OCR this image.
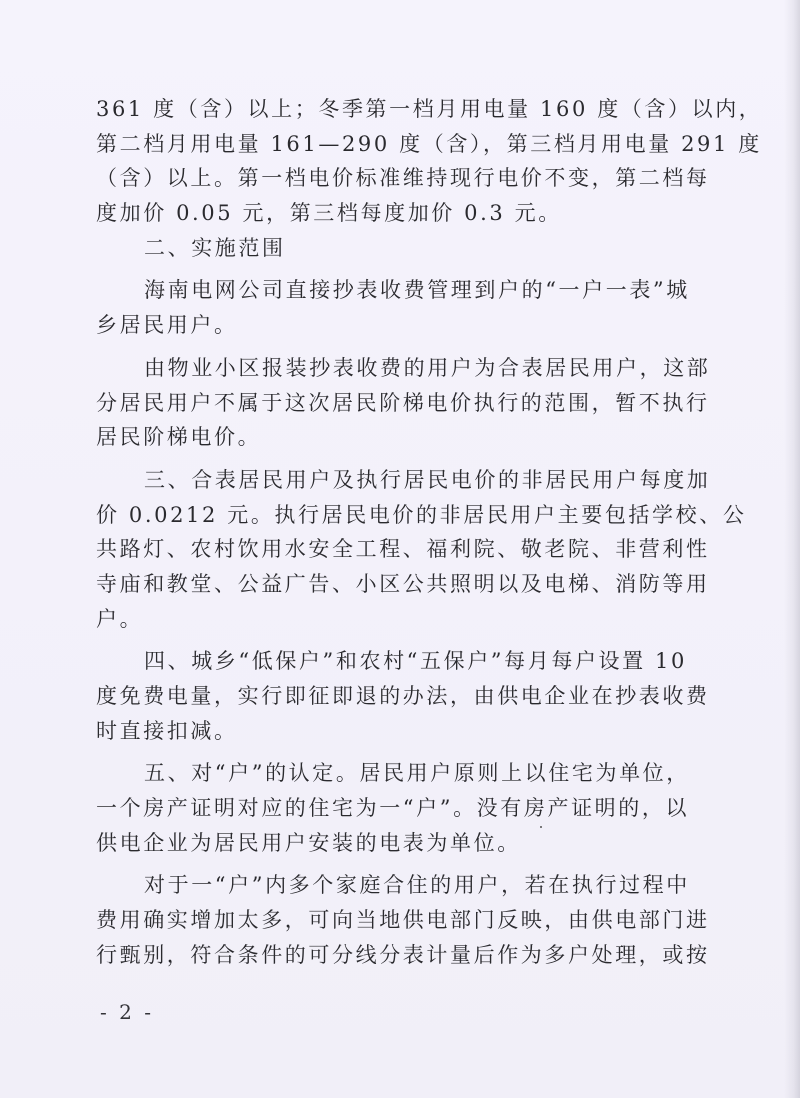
361 度（含）以上；冬季第一档月用电量 160 度（含）以内，
第二档月用电量 161—290 度（含），第三档月用电量 291 度
（含）以上。第一档电价标准维持现行电价不变，第二档每
度加价 0.05 元，第三档每度加价 0.3 元。
二、实施范围
海南电网公司直接抄表收费管理到户的“一户一表”城
乡居民用户。
由物业小区报装抄表收费的用户为合表居民用户，这部
分居民用户不属于这次居民阶梯电价执行的范围，暂不执行
居民阶梯电价。
三、合表居民用户及执行居民电价的非居民用户每度加
价 0.0212 元。执行居民电价的非居民用户主要包括学校、公
共路灯、农村饮用水安全工程、福利院、敬老院、非营利性
寺庙和教堂、公益广告、小区公共照明以及电梯、消防等用
户。
四、城乡“低保户”和农村“五保户”每月每户设置 10
度免费电量，实行即征即退的办法，由供电企业在抄表收费
时直接扣减。
五、对“户”的认定。居民用户原则上以住宅为单位，
一个房产证明对应的住宅为一“户”。没有房产证明的，以
供电企业为居民用户安装的电表为单位。
对于一“户”内多个家庭合住的用户，若在执行过程中
费用确实增加太多，可向当地供电部门反映，由供电部门进
行甄别，符合条件的可分线分表计量后作为多户处理，或按
- 2 -
